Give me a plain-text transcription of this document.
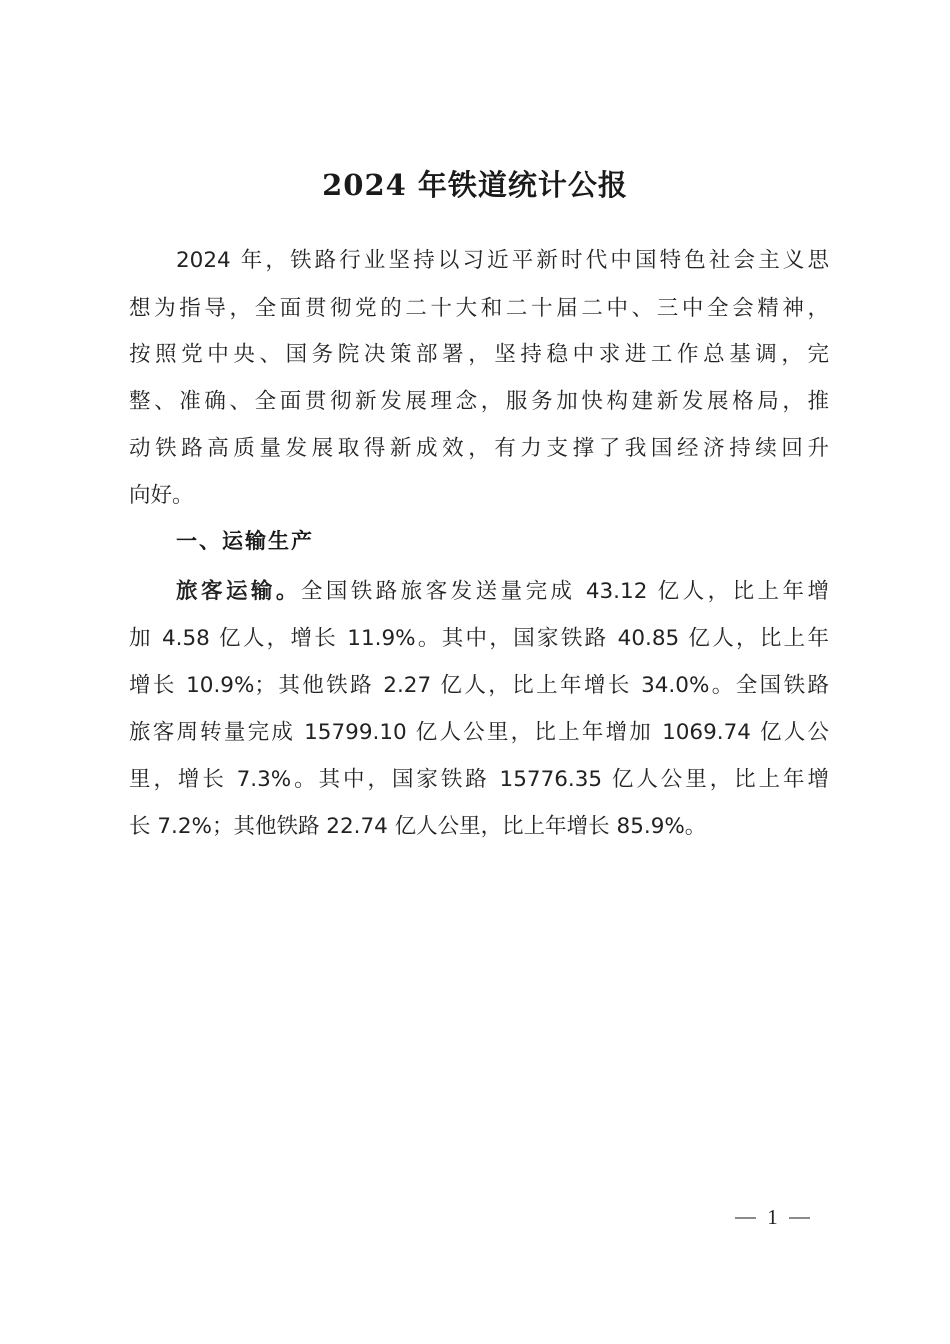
2024 年铁道统计公报
2024 年，铁路行业坚持以习近平新时代中国特色社会主义思
想为指导，全面贯彻党的二十大和二十届二中、三中全会精神，
按照党中央、国务院决策部署，坚持稳中求进工作总基调，完
整、准确、全面贯彻新发展理念，服务加快构建新发展格局，推
动铁路高质量发展取得新成效，有力支撑了我国经济持续回升
向好。
一、运输生产
旅客运输。全国铁路旅客发送量完成 43.12 亿人，比上年增
加 4.58 亿人，增长 11.9%。其中，国家铁路 40.85 亿人，比上年
增长 10.9%；其他铁路 2.27 亿人，比上年增长 34.0%。全国铁路
旅客周转量完成 15799.10 亿人公里，比上年增加 1069.74 亿人公
里，增长 7.3%。其中，国家铁路 15776.35 亿人公里，比上年增
长 7.2%；其他铁路 22.74 亿人公里，比上年增长 85.9%。
1
